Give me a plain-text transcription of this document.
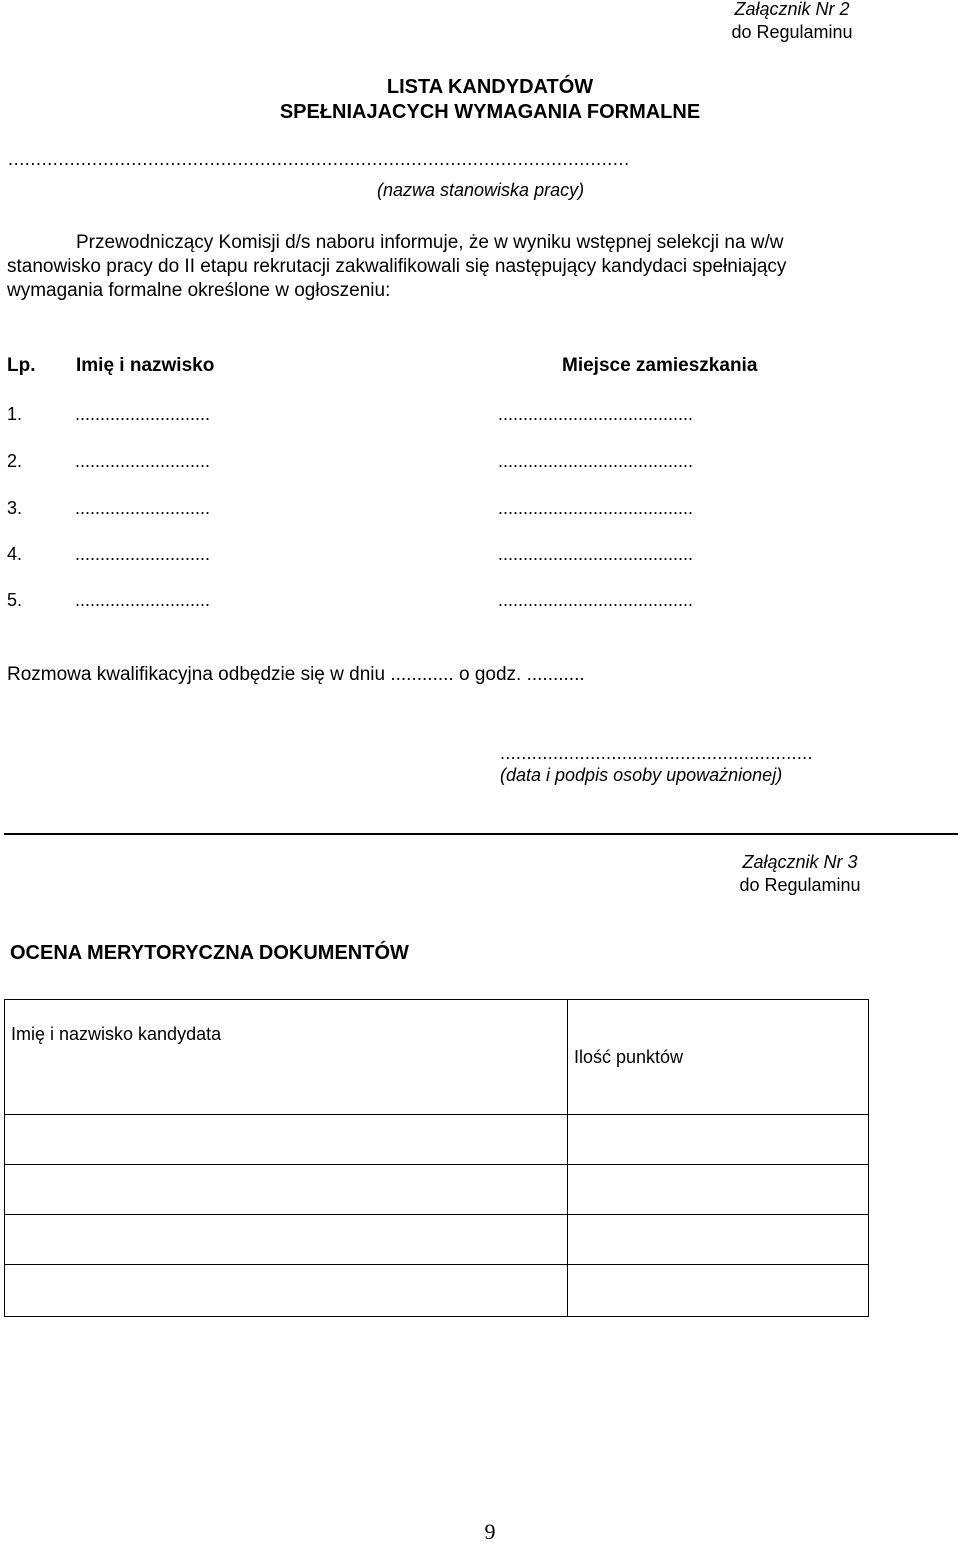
Załącznik Nr 2
do Regulaminu
LISTA KANDYDATÓW
SPEŁNIAJACYCH WYMAGANIA FORMALNE
...............................................................................................................
(nazwa stanowiska pracy)
Przewodniczący Komisji d/s naboru informuje, że w wyniku wstępnej selekcji na w/w
stanowisko pracy do II etapu rekrutacji zakwalifikowali się następujący kandydaci spełniający
wymagania formalne określone w ogłoszeniu:
Lp. Imię i nazwisko	Miejsce zamieszkania
1.	...........................	.......................................
2.	...........................	.......................................
3.	...........................	.......................................
4.	...........................	.......................................
5.	...........................	.......................................
Rozmowa kwalifikacyjna odbędzie się w dniu ............ o godz. ...........
...........................................................
(data i podpis osoby upoważnionej)
Załącznik Nr 3
do Regulaminu
OCENA MERYTORYCZNA DOKUMENTÓW
Imię i nazwisko kandydata	Ilość punktów

9
